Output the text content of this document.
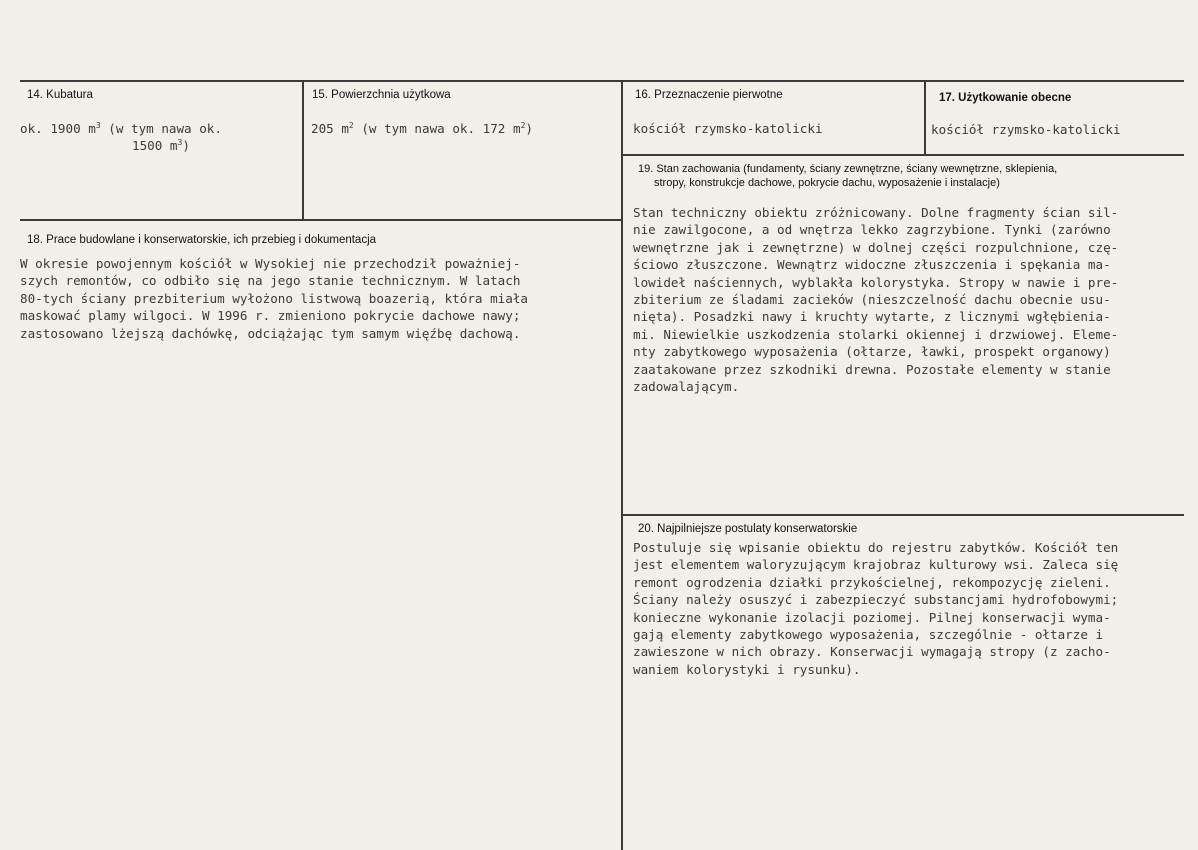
14. Kubatura
ok. 1900 $m^3$ (w tym nawa ok.
1500 $m^3$)
15. Powierzchnia użytkowa
205 $m^2$ (w tym nawa ok. 172 $m^2$)
16. Przeznaczenie pierwotne
kościół rzymsko-katolicki
17. Użytkowanie obecne
kościół rzymsko-katolicki
18. Prace budowlane i konserwatorskie, ich przebieg i dokumentacja
W okresie powojennym kościół w Wysokiej nie przechodził poważniej-
szych remontów, co odbiło się na jego stanie technicznym. W latach
80-tych ściany prezbiterium wyłożono listwową boazerią, która miała
maskować plamy wilgoci. W 1996 r. zmieniono pokrycie dachowe nawy;
zastosowano lżejszą dachówkę, odciążając tym samym więźbę dachową.
19. Stan zachowania (fundamenty, ściany zewnętrzne, ściany wewnętrzne, sklepienia,
stropy, konstrukcje dachowe, pokrycie dachu, wyposażenie i instalacje)
Stan techniczny obiektu zróżnicowany. Dolne fragmenty ścian sil-
nie zawilgocone, a od wnętrza lekko zagrzybione. Tynki (zarówno
wewnętrzne jak i zewnętrzne) w dolnej części rozpulchnione, czę-
ściowo złuszczone. Wewnątrz widoczne złuszczenia i spękania ma-
lowideł naściennych, wyblakła kolorystyka. Stropy w nawie i pre-
zbiterium ze śladami zacieków (nieszczelność dachu obecnie usu-
nięta). Posadzki nawy i kruchty wytarte, z licznymi wgłębienia-
mi. Niewielkie uszkodzenia stolarki okiennej i drzwiowej. Eleme-
nty zabytkowego wyposażenia (ołtarze, ławki, prospekt organowy)
zaatakowane przez szkodniki drewna. Pozostałe elementy w stanie
zadowalającym.
20. Najpilniejsze postulaty konserwatorskie
Postuluje się wpisanie obiektu do rejestru zabytków. Kościół ten
jest elementem waloryzującym krajobraz kulturowy wsi. Zaleca się
remont ogrodzenia działki przykościelnej, rekompozycję zieleni.
Ściany należy osuszyć i zabezpieczyć substancjami hydrofobowymi;
konieczne wykonanie izolacji poziomej. Pilnej konserwacji wyma-
gają elementy zabytkowego wyposażenia, szczególnie - ołtarze i
zawieszone w nich obrazy. Konserwacji wymagają stropy (z zacho-
waniem kolorystyki i rysunku).
